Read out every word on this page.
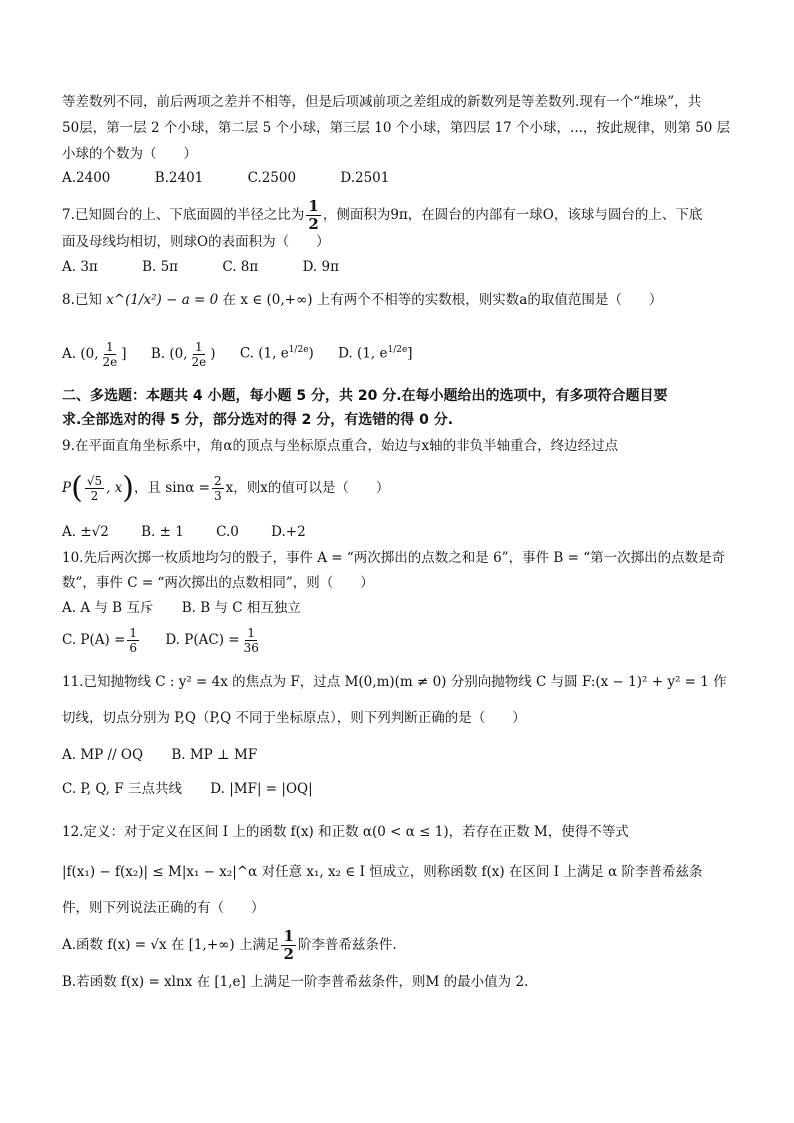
等差数列不同，前后两项之差并不相等，但是后项减前项之差组成的新数列是等差数列.现有一个“堆垛”，共
50层，第一层 2 个小球，第二层 5 个小球，第三层 10 个小球，第四层 17 个小球，...，按此规律，则第 50 层
小球的个数为（　　）
A.2400	B.2401	C.2500	D.2501
7.已知圆台的上、下底面圆的半径之比为 $\frac{1}{2}$ ，侧面积为9π，在圆台的内部有一球O，该球与圆台的上、下底
面及母线均相切，则球O的表面积为（　　）
A. 3π	B. 5π	C. 8π	D. 9π
8.已知 x^(1/x²) − a = 0 在 x ∈ (0,+∞) 上有两个不相等的实数根，则实数a的取值范围是（　　）
A. (0, $\frac{1}{2e}$ ] B. (0, $\frac{1}{2e}$ ) C. (1, $e^{1/2e}$) D. (1, $e^{1/2e}$]
二、多选题：本题共 4 小题，每小题 5 分，共 20 分.在每小题给出的选项中，有多项符合题目要
求.全部选对的得 5 分，部分选对的得 2 分，有选错的得 0 分.
9.在平面直角坐标系中，角α的顶点与坐标原点重合，始边与x轴的非负半轴重合，终边经过点
$P( \frac{√5}{2}$ , x)，且 $\sin\alpha = \frac{2}{3}$ x，则x的值可以是（　　）
A. ±√2 B. ± 1 C.0 D.+2
10.先后两次掷一枚质地均匀的骰子，事件 A = “两次掷出的点数之和是 6”，事件 B = “第一次掷出的点数是奇
数”，事件 C = “两次掷出的点数相同”，则（　　）
A. A 与 B 互斥 B. B 与 C 相互独立
C. $P(A) = \frac{1}{6} D$. $P(AC) = \frac{1}{36}$
11.已知抛物线 C : y² = 4x 的焦点为 F，过点 M(0,m)(m ≠ 0) 分别向抛物线 C 与圆 F:(x − 1)² + y² = 1 作
切线，切点分别为 P,Q（P,Q 不同于坐标原点），则下列判断正确的是（　　）
A. MP // OQ B. MP ⊥ MF
C. P, Q, F 三点共线 D. |MF| = |OQ|
12.定义：对于定义在区间 I 上的函数 f(x) 和正数 α(0 < α ≤ 1)，若存在正数 M，使得不等式
|f(x₁) − f(x₂)| ≤ M|x₁ − x₂|^α 对任意 x₁, x₂ ∈ I 恒成立，则称函数 f(x) 在区间 I 上满足 α 阶李普希兹条
件，则下列说法正确的有（　　）
A.函数 f(x) = √x 在 [1,+∞) 上满足 $\frac{1}{2}$ 阶李普希兹条件.
B.若函数 f(x) = xlnx 在 [1,e] 上满足一阶李普希兹条件，则M 的最小值为 2.
